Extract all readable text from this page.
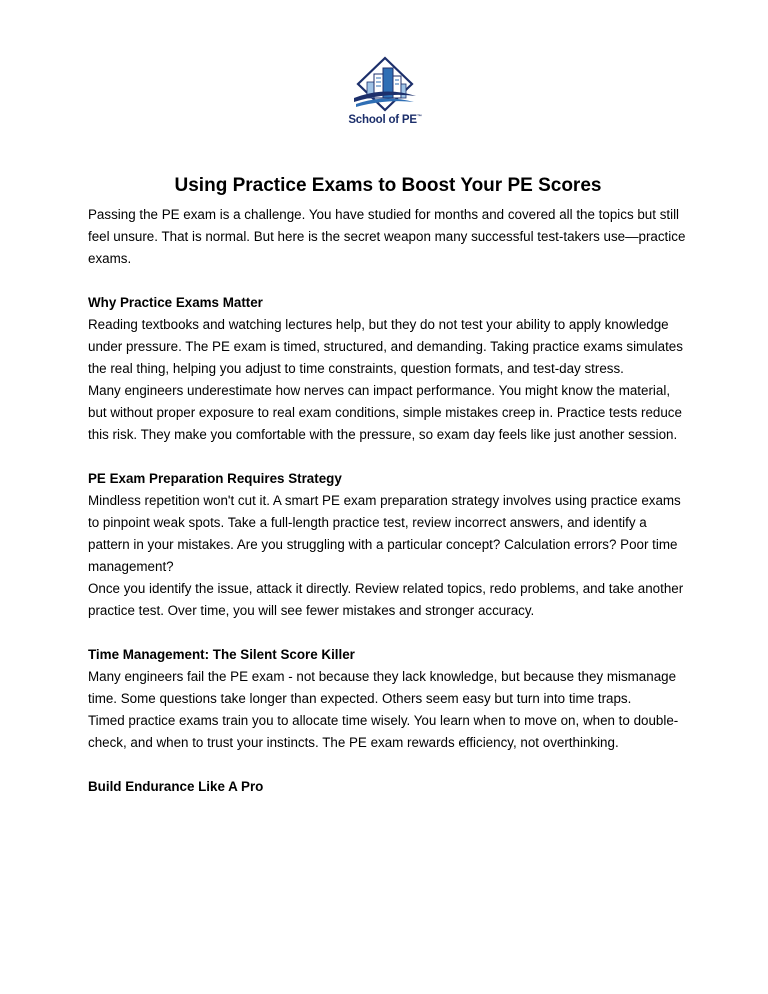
School of PE™
Using Practice Exams to Boost Your PE Scores

Passing the PE exam is a challenge. You have studied for months and covered all the topics but still feel unsure. That is normal. But here is the secret weapon many successful test-takers use—practice exams.

Why Practice Exams Matter

Reading textbooks and watching lectures help, but they do not test your ability to apply knowledge under pressure. The PE exam is timed, structured, and demanding. Taking practice exams simulates the real thing, helping you adjust to time constraints, question formats, and test-day stress.

Many engineers underestimate how nerves can impact performance. You might know the material, but without proper exposure to real exam conditions, simple mistakes creep in. Practice tests reduce this risk. They make you comfortable with the pressure, so exam day feels like just another session.

PE Exam Preparation Requires Strategy

Mindless repetition won't cut it. A smart PE exam preparation strategy involves using practice exams to pinpoint weak spots. Take a full-length practice test, review incorrect answers, and identify a pattern in your mistakes. Are you struggling with a particular concept? Calculation errors? Poor time management?

Once you identify the issue, attack it directly. Review related topics, redo problems, and take another practice test. Over time, you will see fewer mistakes and stronger accuracy.

Time Management: The Silent Score Killer

Many engineers fail the PE exam - not because they lack knowledge, but because they mismanage time. Some questions take longer than expected. Others seem easy but turn into time traps.

Timed practice exams train you to allocate time wisely. You learn when to move on, when to double-check, and when to trust your instincts. The PE exam rewards efficiency, not overthinking.

Build Endurance Like A Pro
